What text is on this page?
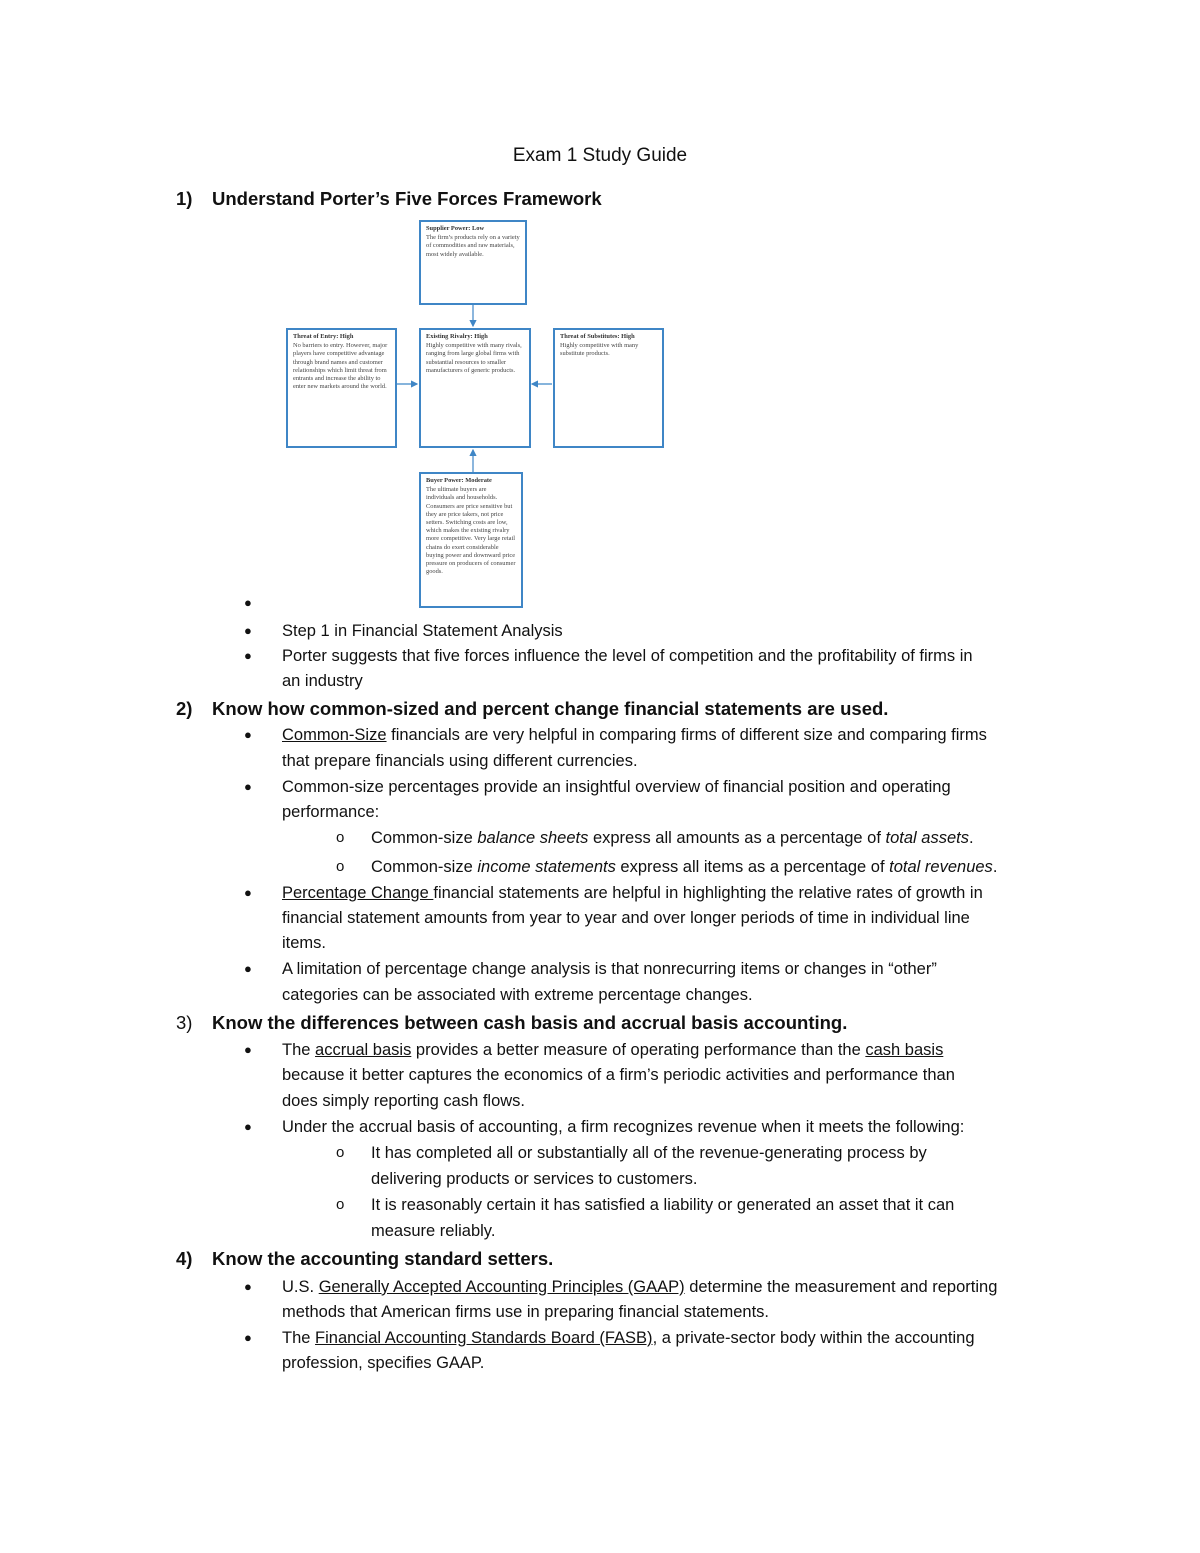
Exam 1 Study Guide
1) Understand Porter’s Five Forces Framework
Supplier Power: Low
The firm’s products rely on a variety of commodities and raw materials, most widely available.
Threat of Entry: High
No barriers to entry. However, major players have competitive advantage through brand names and customer relationships which limit threat from entrants and increase the ability to enter new markets around the world.
Existing Rivalry: High
Highly competitive with many rivals, ranging from large global firms with substantial resources to smaller manufacturers of generic products.
Threat of Substitutes: High
Highly competitive with many substitute products.
Buyer Power: Moderate
The ultimate buyers are individuals and households. Consumers are price sensitive but they are price takers, not price setters. Switching costs are low, which makes the existing rivalry more competitive. Very large retail chains do exert considerable buying power and downward price pressure on producers of consumer goods.
●
● Step 1 in Financial Statement Analysis
● Porter suggests that five forces influence the level of competition and the profitability of firms in
an industry
2) Know how common-sized and percent change financial statements are used.
● Common-Size financials are very helpful in comparing firms of different size and comparing firms
that prepare financials using different currencies.
● Common-size percentages provide an insightful overview of financial position and operating
performance:
o Common-size balance sheets express all amounts as a percentage of total assets.
o Common-size income statements express all items as a percentage of total revenues.
● Percentage Change financial statements are helpful in highlighting the relative rates of growth in
financial statement amounts from year to year and over longer periods of time in individual line
items.
● A limitation of percentage change analysis is that nonrecurring items or changes in “other”
categories can be associated with extreme percentage changes.
3) Know the differences between cash basis and accrual basis accounting.
● The accrual basis provides a better measure of operating performance than the cash basis
because it better captures the economics of a firm’s periodic activities and performance than
does simply reporting cash flows.
● Under the accrual basis of accounting, a firm recognizes revenue when it meets the following:
o It has completed all or substantially all of the revenue-generating process by
delivering products or services to customers.
o It is reasonably certain it has satisfied a liability or generated an asset that it can
measure reliably.
4) Know the accounting standard setters.
● U.S. Generally Accepted Accounting Principles (GAAP) determine the measurement and reporting
methods that American firms use in preparing financial statements.
● The Financial Accounting Standards Board (FASB), a private-sector body within the accounting
profession, specifies GAAP.
